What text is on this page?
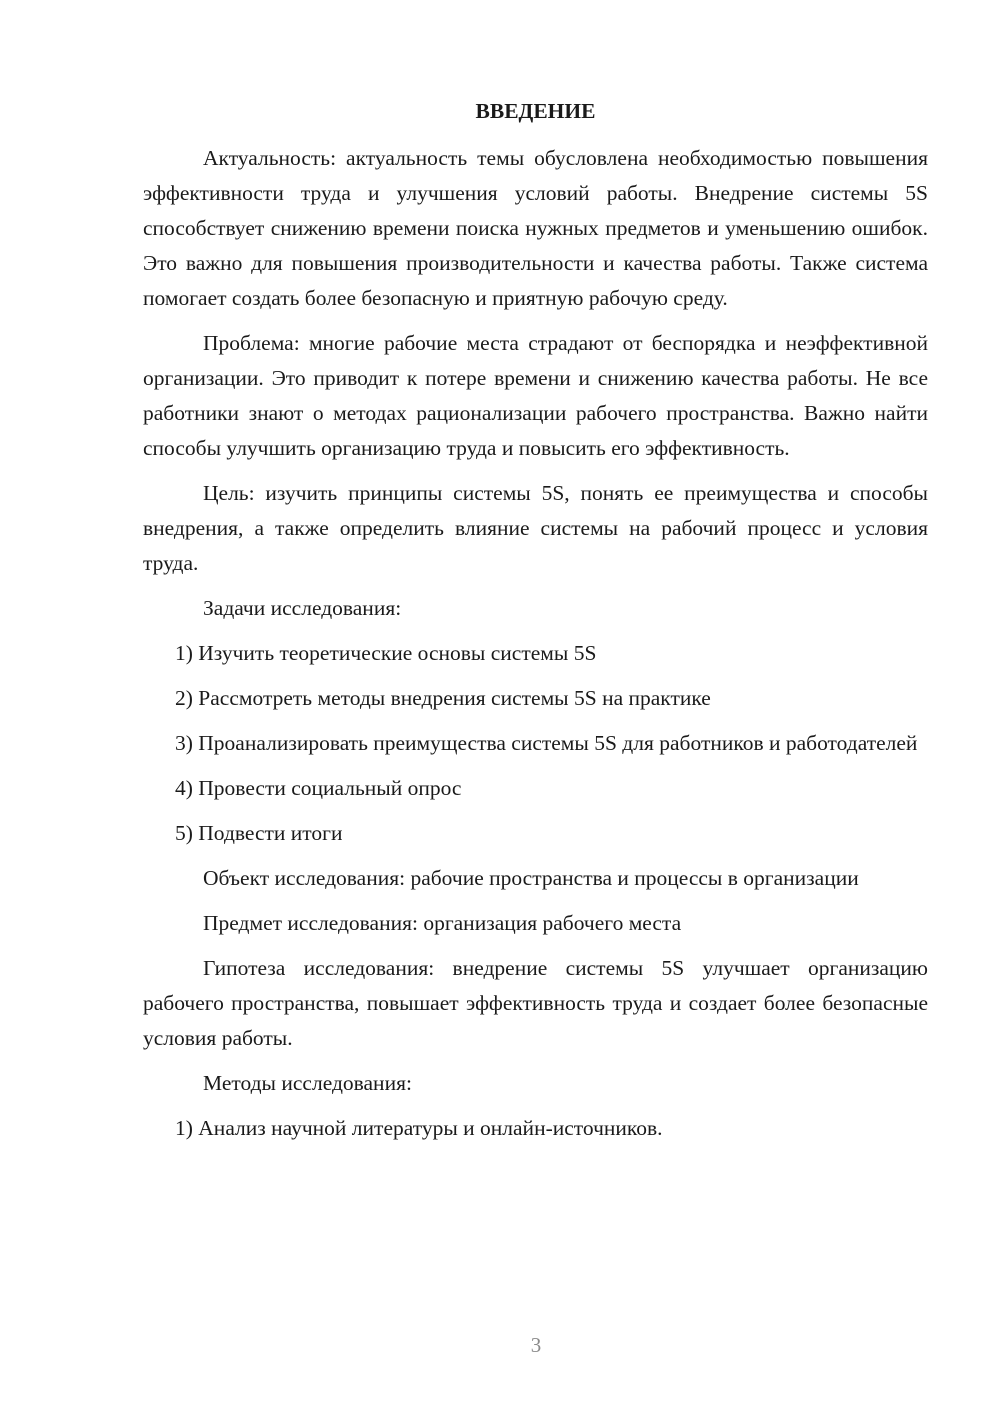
ВВЕДЕНИЕ

Актуальность: актуальность темы обусловлена необходимостью повышения эффективности труда и улучшения условий работы. Внедрение системы 5S способствует снижению времени поиска нужных предметов и уменьшению ошибок. Это важно для повышения производительности и качества работы. Также система помогает создать более безопасную и приятную рабочую среду.

Проблема: многие рабочие места страдают от беспорядка и неэффективной организации. Это приводит к потере времени и снижению качества работы. Не все работники знают о методах рационализации рабочего пространства. Важно найти способы улучшить организацию труда и повысить его эффективность.

Цель: изучить принципы системы 5S, понять ее преимущества и способы внедрения, а также определить влияние системы на рабочий процесс и условия труда.

Задачи исследования:

1) Изучить теоретические основы системы 5S

2) Рассмотреть методы внедрения системы 5S на практике

3) Проанализировать преимущества системы 5S для работников и работодателей

4) Провести социальный опрос

5) Подвести итоги

Объект исследования: рабочие пространства и процессы в организации

Предмет исследования: организация рабочего места

Гипотеза исследования: внедрение системы 5S улучшает организацию рабочего пространства, повышает эффективность труда и создает более безопасные условия работы.

Методы исследования:

1) Анализ научной литературы и онлайн-источников.

3
